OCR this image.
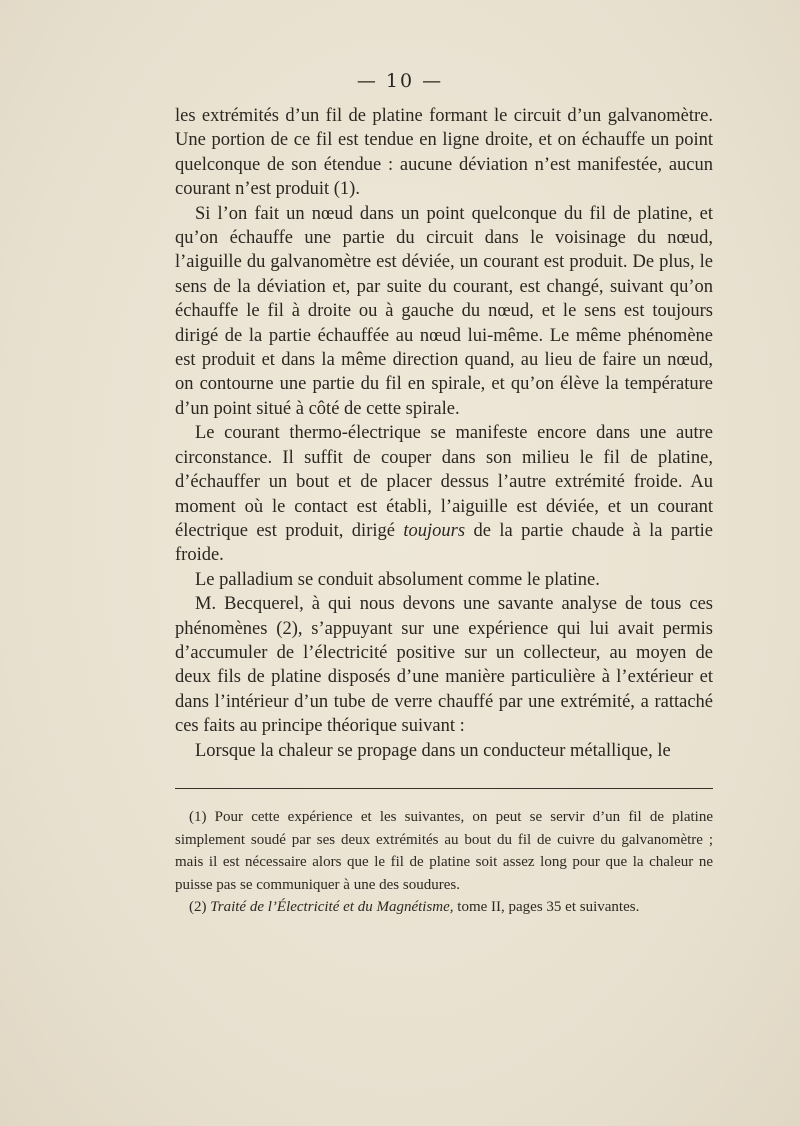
— 10 —

les extrémités d’un fil de platine formant le circuit d’un galvanomètre. Une portion de ce fil est tendue en ligne droite, et on échauffe un point quelconque de son étendue : aucune déviation n’est manifestée, aucun courant n’est produit (1).

Si l’on fait un nœud dans un point quelconque du fil de platine, et qu’on échauffe une partie du circuit dans le voisinage du nœud, l’aiguille du galvanomètre est déviée, un courant est produit. De plus, le sens de la déviation et, par suite du courant, est changé, suivant qu’on échauffe le fil à droite ou à gauche du nœud, et le sens est toujours dirigé de la partie échauffée au nœud lui-même. Le même phénomène est produit et dans la même direction quand, au lieu de faire un nœud, on contourne une partie du fil en spirale, et qu’on élève la température d’un point situé à côté de cette spirale.

Le courant thermo-électrique se manifeste encore dans une autre circonstance. Il suffit de couper dans son milieu le fil de platine, d’échauffer un bout et de placer dessus l’autre extrémité froide. Au moment où le contact est établi, l’aiguille est déviée, et un courant électrique est produit, dirigé toujours de la partie chaude à la partie froide.

Le palladium se conduit absolument comme le platine.

M. Becquerel, à qui nous devons une savante analyse de tous ces phénomènes (2), s’appuyant sur une expérience qui lui avait permis d’accumuler de l’électricité positive sur un collecteur, au moyen de deux fils de platine disposés d’une manière particulière à l’extérieur et dans l’intérieur d’un tube de verre chauffé par une extrémité, a rattaché ces faits au principe théorique suivant :

Lorsque la chaleur se propage dans un conducteur métallique, le

(1) Pour cette expérience et les suivantes, on peut se servir d’un fil de platine simplement soudé par ses deux extrémités au bout du fil de cuivre du galvanomètre ; mais il est nécessaire alors que le fil de platine soit assez long pour que la chaleur ne puisse pas se communiquer à une des soudures.

(2) Traité de l’Électricité et du Magnétisme, tome II, pages 35 et suivantes.
